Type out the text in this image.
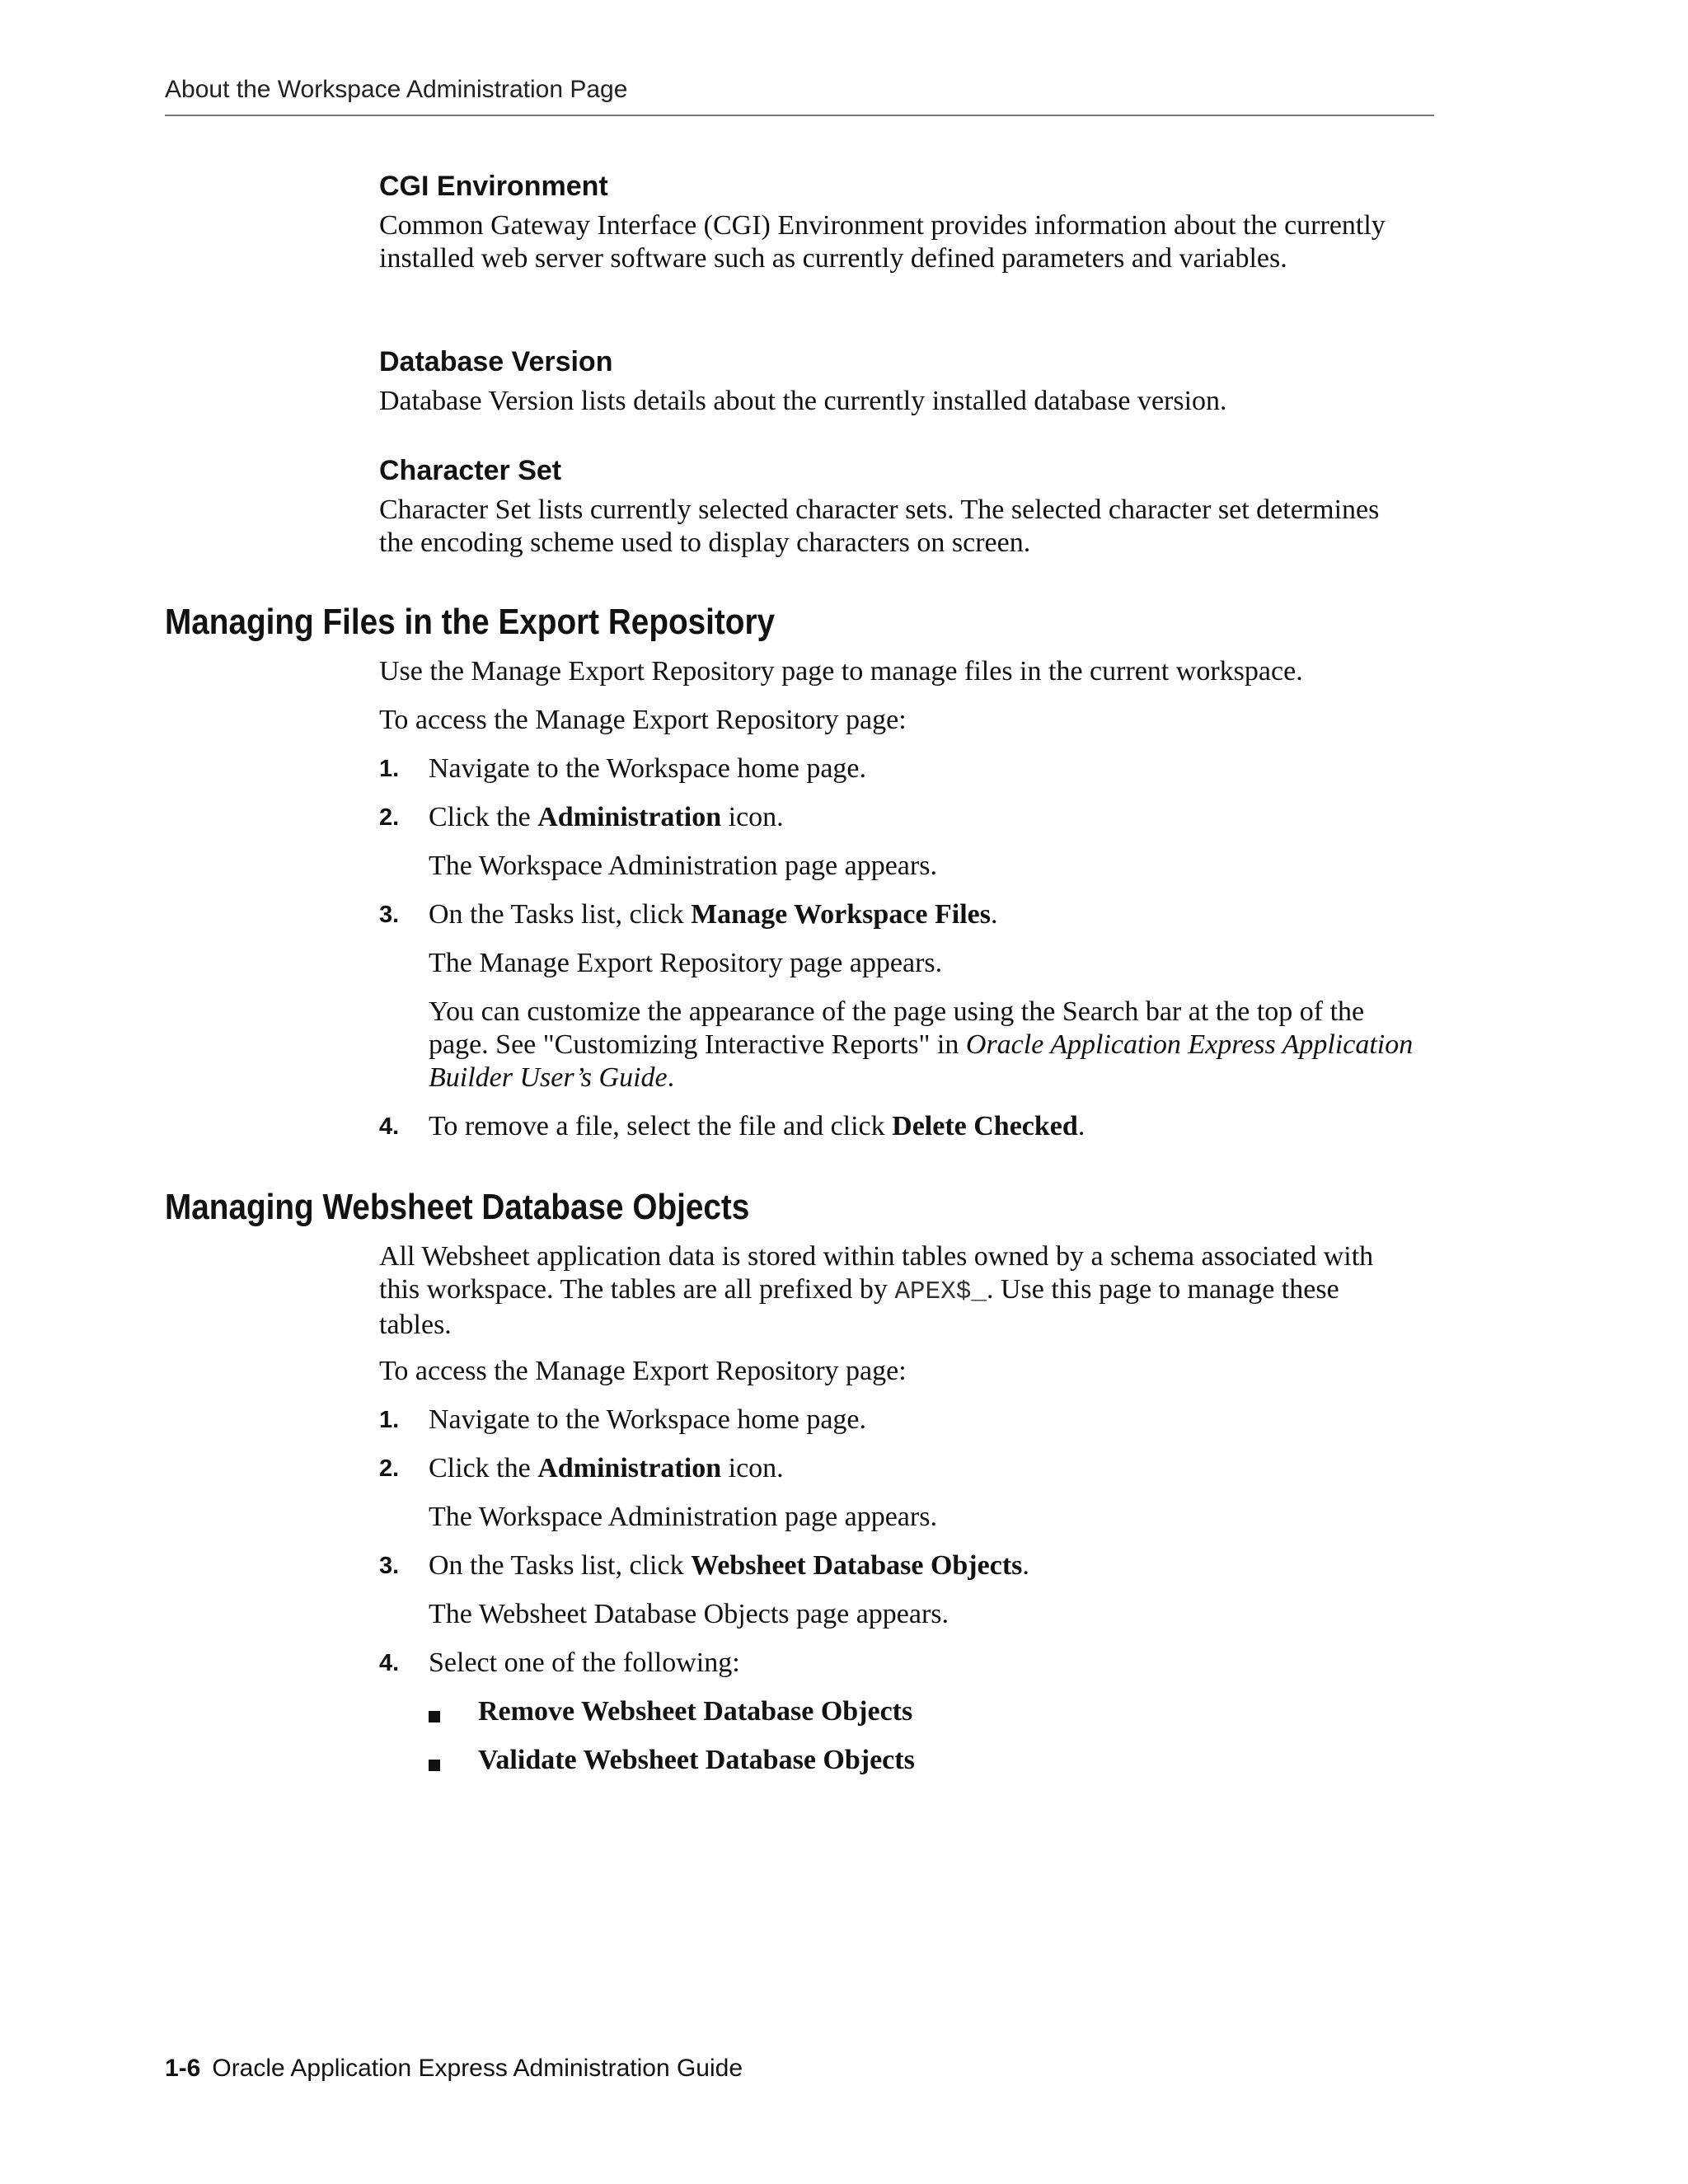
About the Workspace Administration Page
CGI Environment

Common Gateway Interface (CGI) Environment provides information about the currently installed web server software such as currently defined parameters and variables.

Database Version

Database Version lists details about the currently installed database version.

Character Set

Character Set lists currently selected character sets. The selected character set determines the encoding scheme used to display characters on screen.

Managing Files in the Export Repository

Use the Manage Export Repository page to manage files in the current workspace.

To access the Manage Export Repository page:

1. Navigate to the Workspace home page.

2. Click the Administration icon.

The Workspace Administration page appears.

3. On the Tasks list, click Manage Workspace Files.

The Manage Export Repository page appears.

You can customize the appearance of the page using the Search bar at the top of the page. See "Customizing Interactive Reports" in Oracle Application Express Application Builder User’s Guide.

4. To remove a file, select the file and click Delete Checked.

Managing Websheet Database Objects

All Websheet application data is stored within tables owned by a schema associated with this workspace. The tables are all prefixed by APEX$_. Use this page to manage these tables.

To access the Manage Export Repository page:

1. Navigate to the Workspace home page.

2. Click the Administration icon.

The Workspace Administration page appears.

3. On the Tasks list, click Websheet Database Objects.

The Websheet Database Objects page appears.

4. Select one of the following:

Remove Websheet Database Objects

Validate Websheet Database Objects

1-6 Oracle Application Express Administration Guide
